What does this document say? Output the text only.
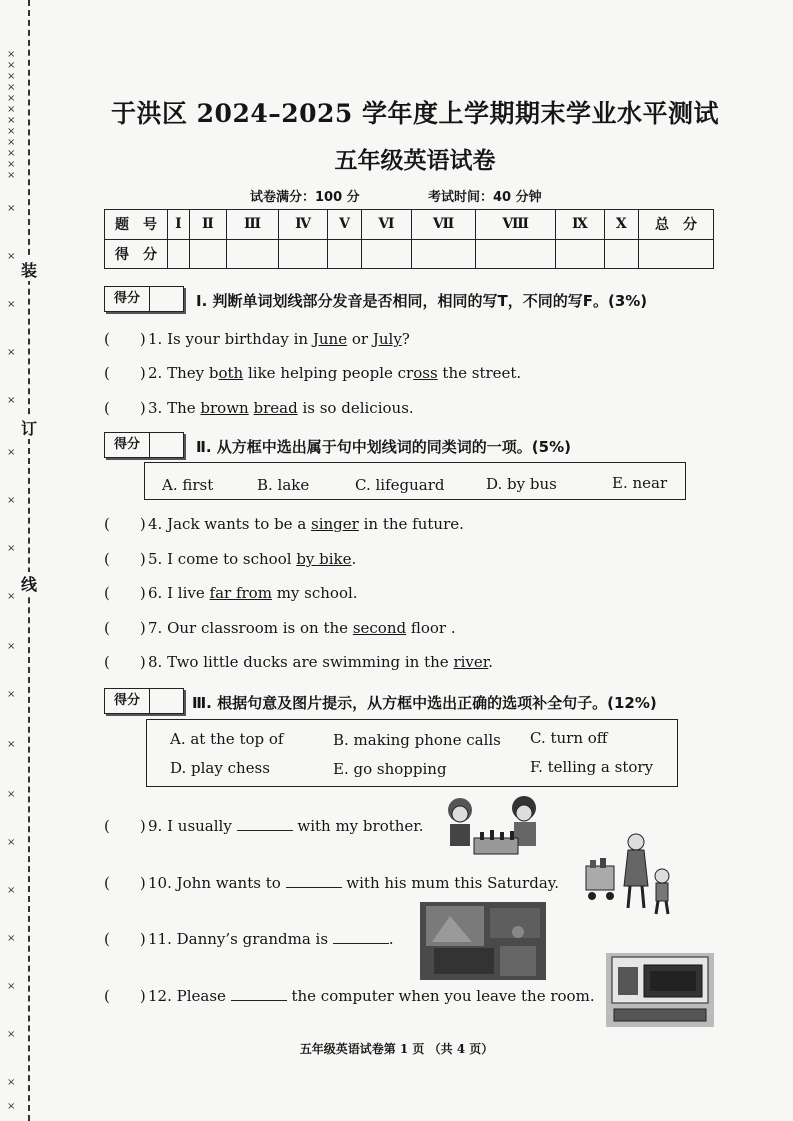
×
×
×
×
×
×
×
×
×
×
×
×
×
×
×
×
×
×
×
×
×
×
×
×
×
×
×
×
×
×
×
×
装
订
线
于洪区 2024–2025 学年度上学期期末学业水平测试
五年级英语试卷
试卷满分：100 分	考试时间：40 分钟
题　号	I	Ⅱ	Ⅲ	Ⅳ	V	Ⅵ	Ⅶ	Ⅷ	Ⅸ	X	总　分
得　分											
得分	Ⅰ. 判断单词划线部分发音是否相同，相同的写T，不同的写F。(3%)
(　　) 1. Is your birthday in June or July?
(　　) 2. They both like helping people cross the street.
(　　) 3. The brown bread is so delicious.
得分	Ⅱ. 从方框中选出属于句中划线词的同类词的一项。(5%)
A. first	B. lake	C. lifeguard	D. by bus	E. near
(　　) 4. Jack wants to be a singer in the future.
(　　) 5. I come to school by bike.
(　　) 6. I live far from my school.
(　　) 7. Our classroom is on the second floor .
(　　) 8. Two little ducks are swimming in the river.
得分	Ⅲ. 根据句意及图片提示，从方框中选出正确的选项补全句子。(12%)
A. at the top of	B. making phone calls C. turn off
D. play chess	E. go shopping	F. telling a story
(　　) 9. I usually	with my brother.
(　　) 10. John wants to	with his mum this Saturday.
(　　) 11. Danny’s grandma is	.
(　　) 12. Please	the computer when you leave the room.
五年级英语试卷第 1 页 （共 4 页）
